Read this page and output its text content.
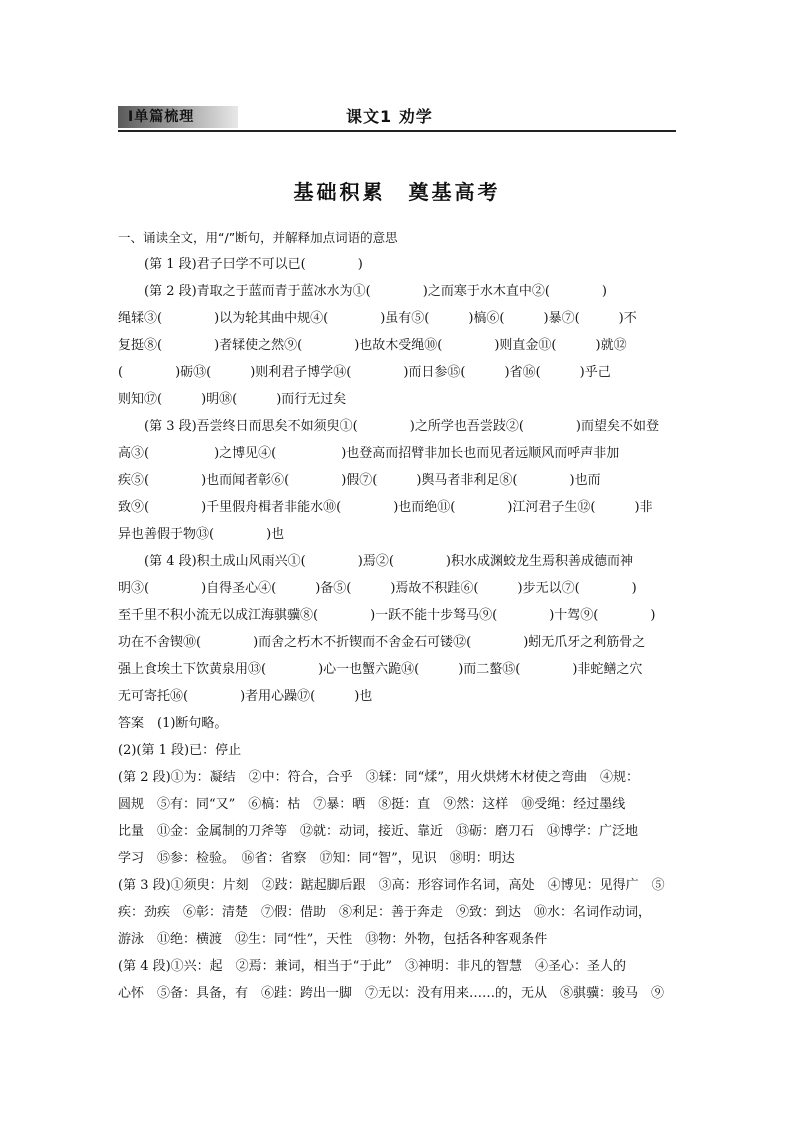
Ⅰ单篇梳理	课文1 劝学
基础积累　奠基高考
一、诵读全文，用“/”断句，并解释加点词语的意思
(第 1 段)君子曰学不可以已(　　　　)
(第 2 段)青取之于蓝而青于蓝冰水为①(　　　　)之而寒于水木直中②(　　　　)
绳𫐓③(　　　　)以为轮其曲中规④(　　　　)虽有⑤(　　　)槁⑥(　　　)暴⑦(　　　)不
复挺⑧(　　　　)者𫐓使之然⑨(　　　　)也故木受绳⑩(　　　　)则直金⑪(　　　)就⑫
(　　　　)砺⑬(　　　)则利君子博学⑭(　　　　)而日参⑮(　　　)省⑯(　　　)乎己
则知⑰(　　　)明⑱(　　　)而行无过矣
(第 3 段)吾尝终日而思矣不如须臾①(　　　　)之所学也吾尝跂②(　　　　)而望矣不如登
高③(　　　　　)之博见④(　　　　　)也登高而招臂非加长也而见者远顺风而呼声非加
疾⑤(　　　　)也而闻者彰⑥(　　　　)假⑦(　　　)舆马者非利足⑧(　　　　)也而
致⑨(　　　　)千里假舟楫者非能水⑩(　　　　)也而绝⑪(　　　　)江河君子生⑫(　　　)非
异也善假于物⑬(　　　　)也
(第 4 段)积土成山风雨兴①(　　　　)焉②(　　　　)积水成渊蛟龙生焉积善成德而神
明③(　　　　)自得圣心④(　　　)备⑤(　　　)焉故不积跬⑥(　　　)步无以⑦(　　　　)
至千里不积小流无以成江海骐骥⑧(　　　　)一跃不能十步驽马⑨(　　　　)十驾⑨(　　　　)
功在不舍锲⑩(　　　　)而舍之朽木不折锲而不舍金石可镂⑫(　　　　)蚓无爪牙之利筋骨之
强上食埃土下饮黄泉用⑬(　　　　)心一也蟹六跪⑭(　　　)而二螯⑮(　　　　)非蛇鳝之穴
无可寄托⑯(　　　　)者用心躁⑰(　　　)也
答案　(1)断句略。
(2)(第 1 段)已：停止
(第 2 段)①为：凝结　②中：符合，合乎　③𫐓：同“煣”，用火烘烤木材使之弯曲　④规：
圆规　⑤有：同“又”　⑥槁：枯　⑦暴：晒　⑧挺：直　⑨然：这样　⑩受绳：经过墨线
比量　⑪金：金属制的刀斧等　⑫就：动词，接近、靠近　⑬砺：磨刀石　⑭博学：广泛地
学习　⑮参：检验。　⑯省：省察　⑰知：同“智”，见识　⑱明：明达
(第 3 段)①须臾：片刻　②跂：踮起脚后跟　③高：形容词作名词，高处　④博见：见得广　⑤
疾：劲疾　⑥彰：清楚　⑦假：借助　⑧利足：善于奔走　⑨致：到达　⑩水：名词作动词，
游泳　⑪绝：横渡　⑫生：同“性”，天性　⑬物：外物，包括各种客观条件
(第 4 段)①兴：起　②焉：兼词，相当于“于此”　③神明：非凡的智慧　④圣心：圣人的
心怀　⑤备：具备，有　⑥跬：跨出一脚　⑦无以：没有用来……的，无从　⑧骐骥：骏马　⑨
